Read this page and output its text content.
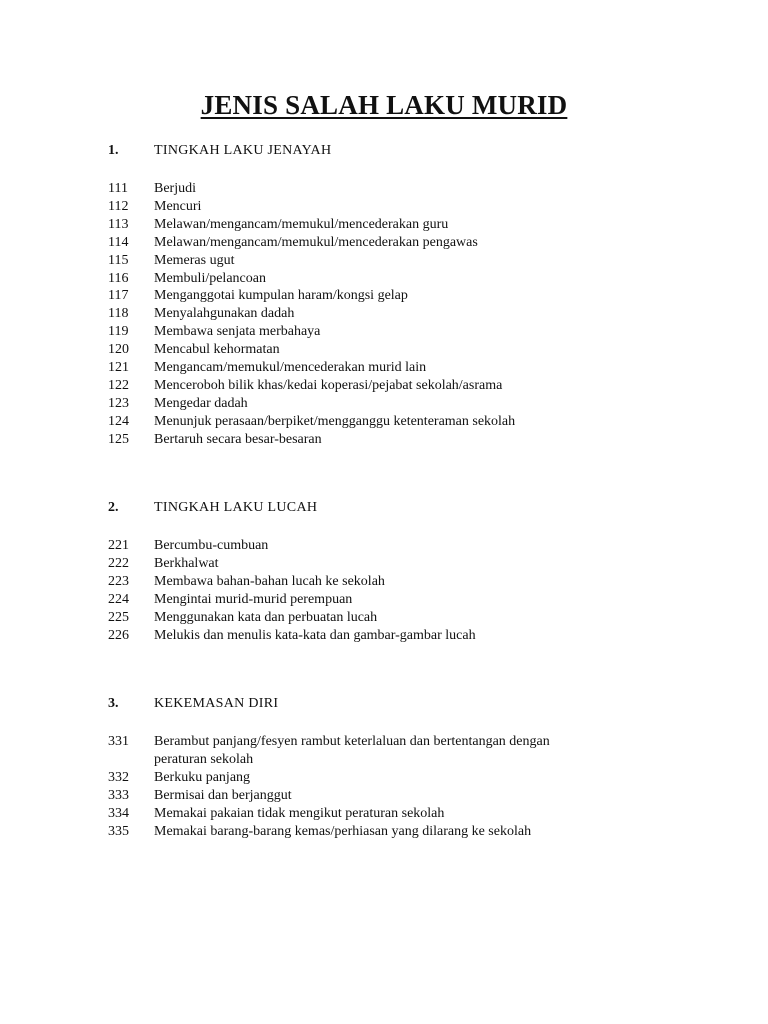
JENIS SALAH LAKU MURID
1.	TINGKAH LAKU JENAYAH
111	Berjudi
112	Mencuri
113	Melawan/mengancam/memukul/mencederakan guru
114	Melawan/mengancam/memukul/mencederakan pengawas
115	Memeras ugut
116	Membuli/pelancoan
117	Menganggotai kumpulan haram/kongsi gelap
118	Menyalahgunakan dadah
119	Membawa senjata merbahaya
120	Mencabul kehormatan
121	Mengancam/memukul/mencederakan murid lain
122	Menceroboh bilik khas/kedai koperasi/pejabat sekolah/asrama
123	Mengedar dadah
124	Menunjuk perasaan/berpiket/mengganggu ketenteraman sekolah
125	Bertaruh secara besar-besaran
2.	TINGKAH LAKU LUCAH
221	Bercumbu-cumbuan
222	Berkhalwat
223	Membawa bahan-bahan lucah ke sekolah
224	Mengintai murid-murid perempuan
225	Menggunakan kata dan perbuatan lucah
226	Melukis dan menulis kata-kata dan gambar-gambar lucah
3.	KEKEMASAN DIRI
331	Berambut panjang/fesyen rambut keterlaluan dan bertentangan dengan peraturan sekolah
332	Berkuku panjang
333	Bermisai dan berjanggut
334	Memakai pakaian tidak mengikut peraturan sekolah
335	Memakai barang-barang kemas/perhiasan yang dilarang ke sekolah
